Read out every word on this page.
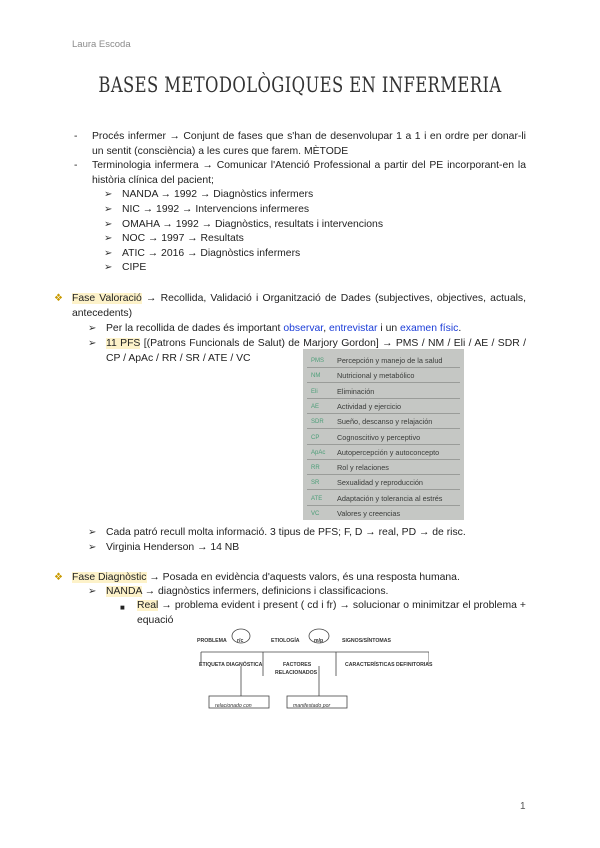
Laura Escoda
BASES METODOLÒGIQUES EN INFERMERIA
- Procés infermer → Conjunt de fases que s'han de desenvolupar 1 a 1 i en ordre per donar-li un sentit (consciència) a les cures que farem. MÈTODE
- Terminologia infermera → Comunicar l'Atenció Professional a partir del PE incorporant-en la història clínica del pacient;
➢ NANDA → 1992 → Diagnòstics infermers
➢ NIC → 1992 → Intervencions infermeres
➢ OMAHA → 1992 → Diagnòstics, resultats i intervencions
➢ NOC → 1997 → Resultats
➢ ATIC → 2016 → Diagnòstics infermers
➢ CIPE
❖ Fase Valoració → Recollida, Validació i Organització de Dades (subjectives, objectives, actuals, antecedents)
➢ Per la recollida de dades és important observar, entrevistar i un examen físic.
➢ 11 PFS [(Patrons Funcionals de Salut) de Marjory Gordon] → PMS / NM / Eli / AE / SDR / CP / ApAc / RR / SR / ATE / VC	PMS Percepción y manejo de la salud
NM Nutricional y metabólico
Eli	Eliminación
AE Actividad y ejercicio
SDR Sueño, descanso y relajación
CP Cognoscitivo y perceptivo
ApAc Autopercepción y autoconcepto
RR Rol y relaciones
SR Sexualidad y reproducción
ATE Adaptación y tolerancia al estrés
VC Valores y creencias
➢ Cada patró recull molta informació. 3 tipus de PFS; F, D → real, PD → de risc.
➢ Virginia Henderson → 14 NB
❖ Fase Diagnòstic → Posada en evidència d'aquests valors, és una resposta humana.
➢ NANDA → diagnòstics infermers, definicions i classificacions.
■ Real → problema evident i present ( cd i fr) → solucionar o minimitzar el problema + equació
PROBLEMA r/c	ETIOLOGÍA	m/p	SIGNOS/SÍNTOMAS
ETIQUETA DIAGNÓSTICA	FACTORES
RELACIONADOS
CARACTERÍSTICAS DEFINITORIAS
relacionado con	manifestado por
1
